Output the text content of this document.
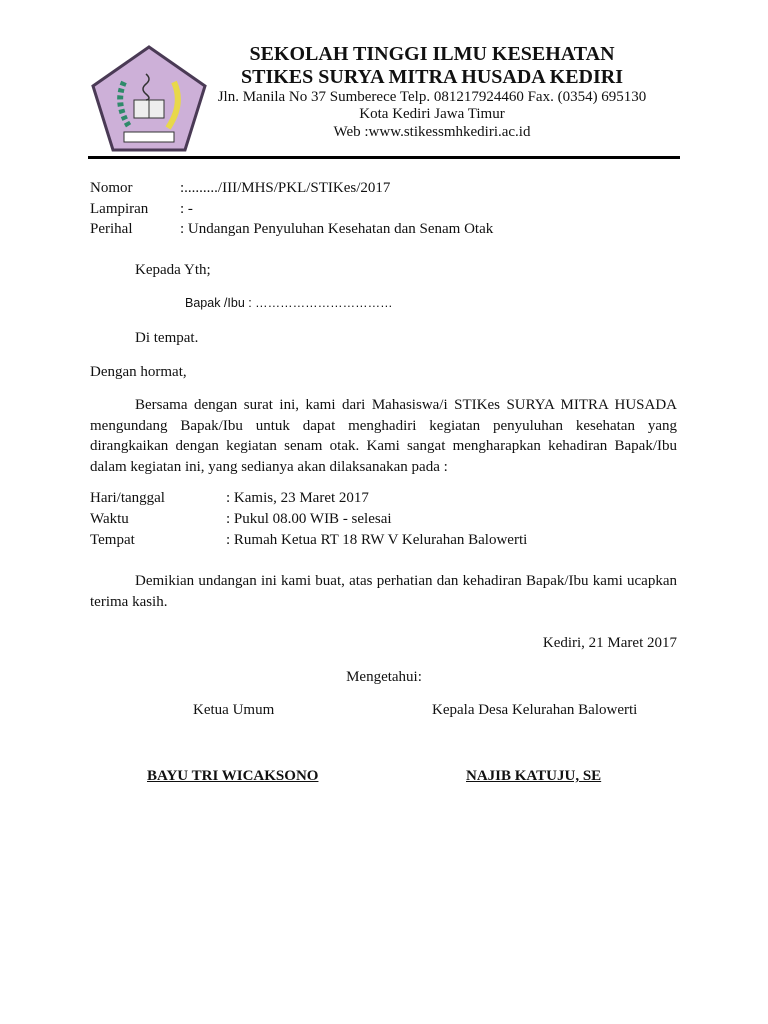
SEKOLAH TINGGI ILMU KESEHATAN
STIKES SURYA MITRA HUSADA KEDIRI
Jln. Manila No 37 Sumberece Telp. 081217924460 Fax. (0354) 695130
Kota Kediri Jawa Timur
Web :www.stikessmhkediri.ac.id
Nomor	:........./III/MHS/PKL/STIKes/2017
Lampiran : -
Perihal	: Undangan Penyuluhan Kesehatan dan Senam Otak
Kepada Yth;
Bapak /Ibu : ……………………………
Di tempat.
Dengan hormat,
Bersama dengan surat ini, kami dari Mahasiswa/i STIKes SURYA MITRA HUSADA mengundang Bapak/Ibu untuk dapat menghadiri kegiatan penyuluhan kesehatan yang dirangkaikan dengan kegiatan senam otak. Kami sangat mengharapkan kehadiran Bapak/Ibu dalam kegiatan ini, yang sedianya akan dilaksanakan pada :
Hari/tanggal	: Kamis, 23 Maret 2017
Waktu	: Pukul 08.00 WIB - selesai
Tempat	: Rumah Ketua RT 18 RW V Kelurahan Balowerti
Demikian undangan ini kami buat, atas perhatian dan kehadiran Bapak/Ibu kami ucapkan terima kasih.
Kediri, 21 Maret 2017
Mengetahui:
Ketua Umum	Kepala Desa Kelurahan Balowerti
BAYU TRI WICAKSONO	NAJIB KATUJU, SE
